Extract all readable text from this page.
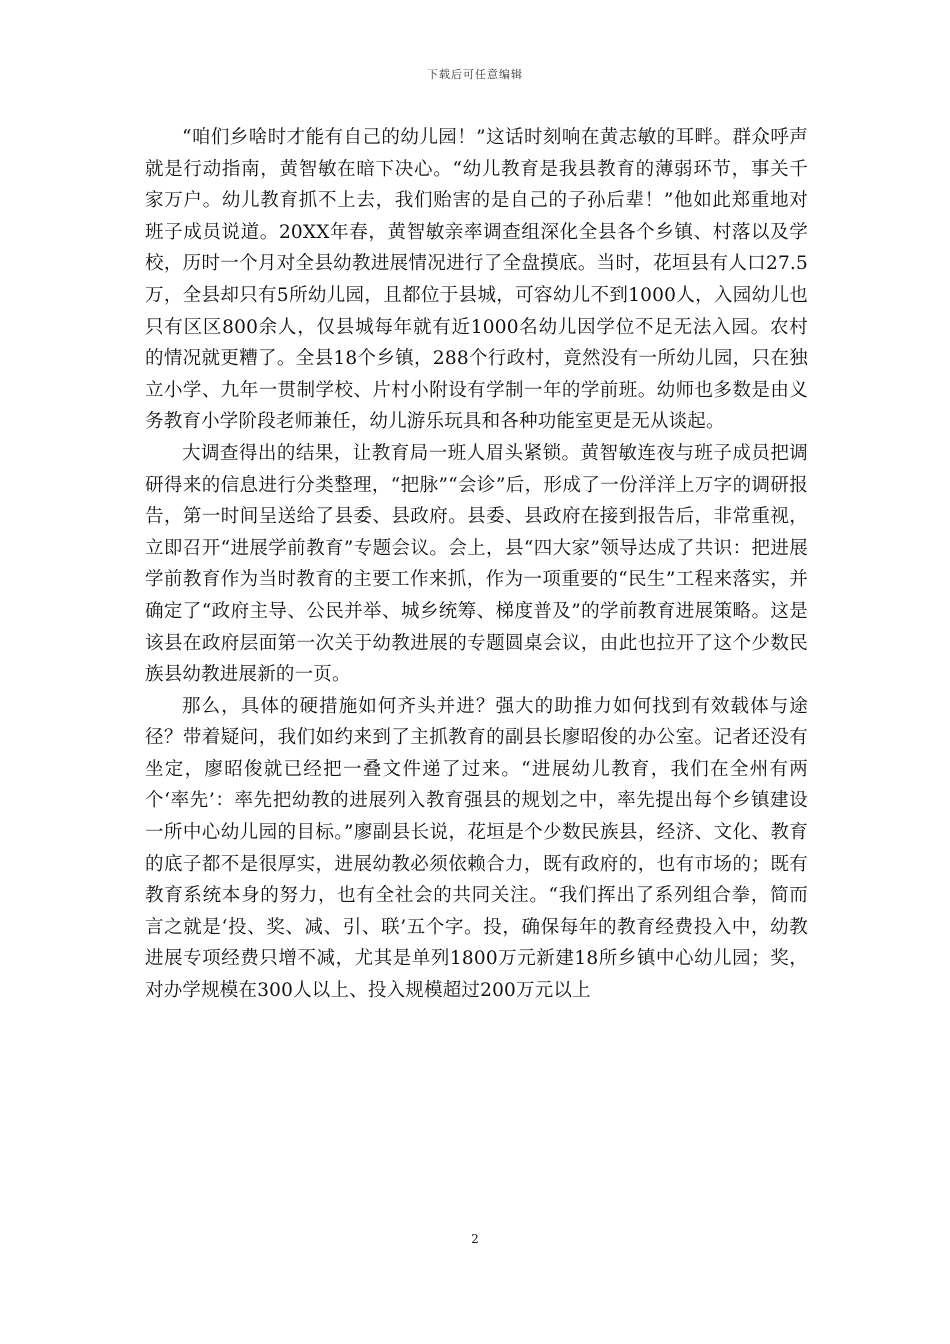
下载后可任意编辑

“咱们乡啥时才能有自己的幼儿园！”这话时刻响在黄志敏的耳畔。群众呼声就是行动指南，黄智敏在暗下决心。“幼儿教育是我县教育的薄弱环节，事关千家万户。幼儿教育抓不上去，我们贻害的是自己的子孙后辈！”他如此郑重地对班子成员说道。20XX年春，黄智敏亲率调查组深化全县各个乡镇、村落以及学校，历时一个月对全县幼教进展情况进行了全盘摸底。当时，花垣县有人口27.5万，全县却只有5所幼儿园，且都位于县城，可容幼儿不到1000人，入园幼儿也只有区区800余人，仅县城每年就有近1000名幼儿因学位不足无法入园。农村的情况就更糟了。全县18个乡镇，288个行政村，竟然没有一所幼儿园，只在独立小学、九年一贯制学校、片村小附设有学制一年的学前班。幼师也多数是由义务教育小学阶段老师兼任，幼儿游乐玩具和各种功能室更是无从谈起。

大调查得出的结果，让教育局一班人眉头紧锁。黄智敏连夜与班子成员把调研得来的信息进行分类整理，“把脉”“会诊”后，形成了一份洋洋上万字的调研报告，第一时间呈送给了县委、县政府。县委、县政府在接到报告后，非常重视，立即召开“进展学前教育”专题会议。会上，县“四大家”领导达成了共识：把进展学前教育作为当时教育的主要工作来抓，作为一项重要的“民生”工程来落实，并确定了“政府主导、公民并举、城乡统筹、梯度普及”的学前教育进展策略。这是该县在政府层面第一次关于幼教进展的专题圆桌会议，由此也拉开了这个少数民族县幼教进展新的一页。

那么，具体的硬措施如何齐头并进？强大的助推力如何找到有效载体与途径？带着疑问，我们如约来到了主抓教育的副县长廖昭俊的办公室。记者还没有坐定，廖昭俊就已经把一叠文件递了过来。“进展幼儿教育，我们在全州有两个‘率先’：率先把幼教的进展列入教育强县的规划之中，率先提出每个乡镇建设一所中心幼儿园的目标。”廖副县长说，花垣是个少数民族县，经济、文化、教育的底子都不是很厚实，进展幼教必须依赖合力，既有政府的，也有市场的；既有教育系统本身的努力，也有全社会的共同关注。“我们挥出了系列组合拳，简而言之就是‘投、奖、减、引、联’五个字。投，确保每年的教育经费投入中，幼教进展专项经费只增不减，尤其是单列1800万元新建18所乡镇中心幼儿园；奖，对办学规模在300人以上、投入规模超过200万元以上

2
